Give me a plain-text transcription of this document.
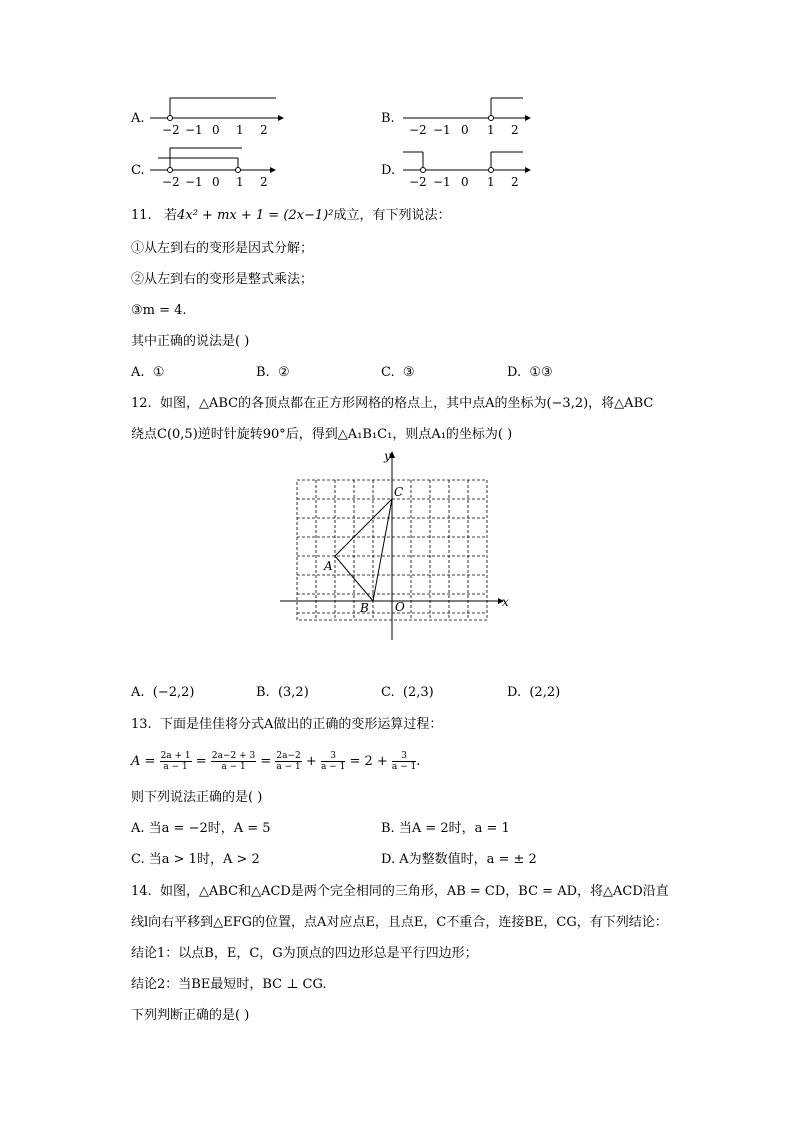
A.
−2 −1 0 1 2
B.
−2 −1 0 1 2
C.
−2 −1 0 1 2
D.
−2 −1 0 1 2
11. 若4x² + mx + 1 = (2x−1)²成立，有下列说法：
①从左到右的变形是因式分解；
②从左到右的变形是整式乘法；
③m = 4.
其中正确的说法是( )
A. ①	B. ②	C. ③	D. ①③
12. 如图，△ABC的各顶点都在正方形网格的格点上，其中点A的坐标为(−3,2)，将△ABC
绕点C(0,5)逆时针旋转90°后，得到△A₁B₁C₁，则点A₁的坐标为( )
y
x
C
A
B O
A. (−2,2)	B. (3,2)	C. (2,3)	D. (2,2)
13. 下面是佳佳将分式A做出的正确的变形运算过程：
$A = \frac{2a + 1}{a - 1} = \frac{2a-2 + 3}{a - 1} = \frac{2a-2}{a - 1} + \frac{3}{a - 1} = 2 + \frac{3}{a - 1}$ .
则下列说法正确的是( )
A. 当a = −2时，A = 5	B. 当A = 2时，a = 1
C. 当a > 1时，A > 2	D. A为整数值时，a = ± 2
14. 如图，△ABC和△ACD是两个完全相同的三角形，AB = CD，BC = AD，将△ACD沿直
线l向右平移到△EFG的位置，点A对应点E，且点E，C不重合，连接BE，CG，有下列结论：
结论1：以点B，E，C，G为顶点的四边形总是平行四边形；
结论2：当BE最短时，BC ⊥ CG.
下列判断正确的是( )
